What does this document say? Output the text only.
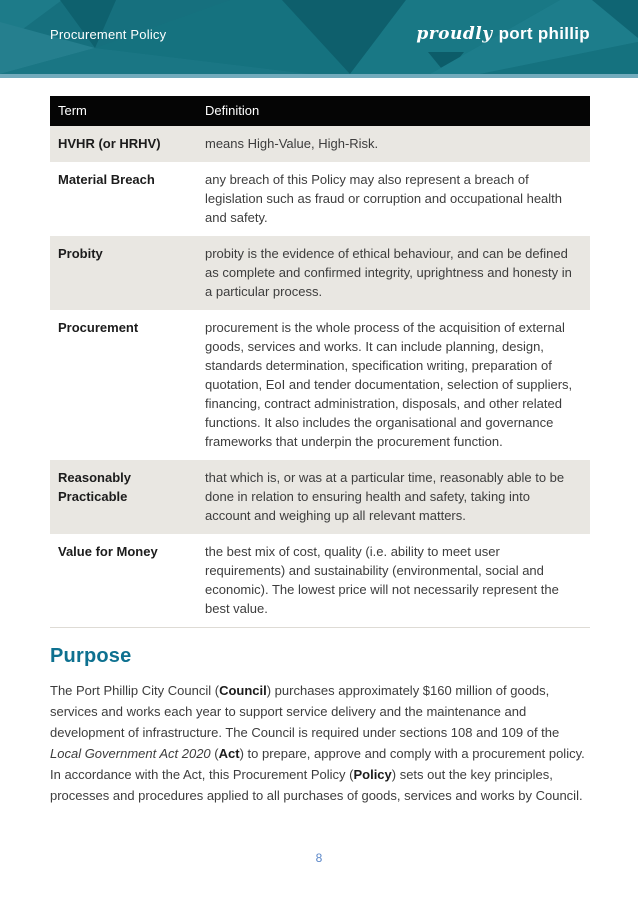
Procurement Policy	proudly port phillip
Term	Definition
HVHR (or HRHV)	means High-Value, High-Risk.
Material Breach	any breach of this Policy may also represent a breach of legislation such as fraud or corruption and occupational health and safety.
Probity	probity is the evidence of ethical behaviour, and can be defined as complete and confirmed integrity, uprightness and honesty in a particular process.
Procurement	procurement is the whole process of the acquisition of external goods, services and works. It can include planning, design, standards determination, specification writing, preparation of quotation, EoI and tender documentation, selection of suppliers, financing, contract administration, disposals, and other related functions. It also includes the organisational and governance frameworks that underpin the procurement function.
Reasonably Practicable	that which is, or was at a particular time, reasonably able to be done in relation to ensuring health and safety, taking into account and weighing up all relevant matters.
Value for Money	the best mix of cost, quality (i.e. ability to meet user requirements) and sustainability (environmental, social and economic). The lowest price will not necessarily represent the best value.
Purpose

The Port Phillip City Council (Council) purchases approximately $160 million of goods, services and works each year to support service delivery and the maintenance and development of infrastructure. The Council is required under sections 108 and 109 of the Local Government Act 2020 (Act) to prepare, approve and comply with a procurement policy. In accordance with the Act, this Procurement Policy (Policy) sets out the key principles, processes and procedures applied to all purchases of goods, services and works by Council.

8
